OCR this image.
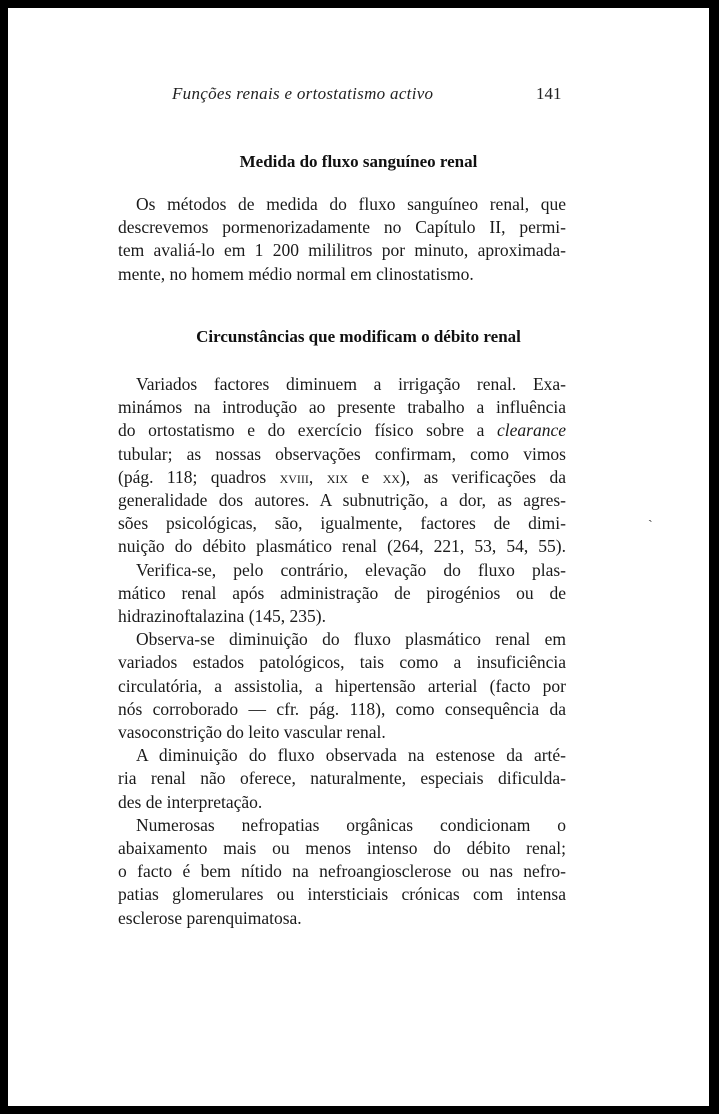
Funções renais e ortostatismo activo	141
Medida do fluxo sanguíneo renal
Os métodos de medida do fluxo sanguíneo renal, que
descrevemos pormenorizadamente no Capítulo II, permi-
tem avaliá-lo em 1 200 mililitros por minuto, aproximada-
mente, no homem médio normal em clinostatismo.
Circunstâncias que modificam o débito renal
Variados factores diminuem a irrigação renal. Exa-
minámos na introdução ao presente trabalho a influência
do ortostatismo e do exercício físico sobre a clearance
tubular; as nossas observações confirmam, como vimos
(pág. 118; quadros xviii, xix e xx), as verificações da
generalidade dos autores. A subnutrição, a dor, as agres-
sões psicológicas, são, igualmente, factores de dimi-
nuição do débito plasmático renal (264, 221, 53, 54, 55).
Verifica-se, pelo contrário, elevação do fluxo plas-
mático renal após administração de pirogénios ou de
hidrazinoftalazina (145, 235).
Observa-se diminuição do fluxo plasmático renal em
variados estados patológicos, tais como a insuficiência
circulatória, a assistolia, a hipertensão arterial (facto por
nós corroborado — cfr. pág. 118), como consequência da
vasoconstrição do leito vascular renal.
A diminuição do fluxo observada na estenose da arté-
ria renal não oferece, naturalmente, especiais dificulda-
des de interpretação.
Numerosas nefropatias orgânicas condicionam o
abaixamento mais ou menos intenso do débito renal;
o facto é bem nítido na nefroangiosclerose ou nas nefro-
patias glomerulares ou intersticiais crónicas com intensa
esclerose parenquimatosa.
ˏ
